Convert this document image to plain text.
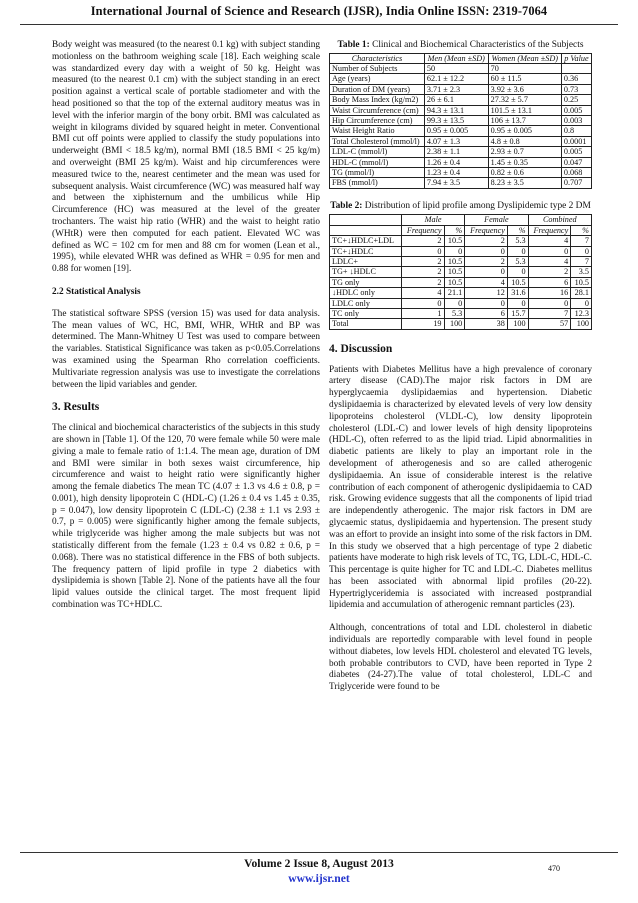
International Journal of Science and Research (IJSR), India Online ISSN: 2319-7064

Body weight was measured (to the nearest 0.1 kg) with subject standing motionless on the bathroom weighing scale [18]. Each weighing scale was standardized every day with a weight of 50 kg. Height was measured (to the nearest 0.1 cm) with the subject standing in an erect position against a vertical scale of portable stadiometer and with the head positioned so that the top of the external auditory meatus was in level with the inferior margin of the bony orbit. BMI was calculated as weight in kilograms divided by squared height in meter. Conventional BMI cut off points were applied to classify the study populations into underweight (BMI < 18.5 kg/m), normal BMI (18.5 BMI < 25 kg/m) and overweight (BMI 25 kg/m). Waist and hip circumferences were measured twice to the, nearest centimeter and the mean was used for subsequent analysis. Waist circumference (WC) was measured half way and between the xiphisternum and the umbilicus while Hip Circumference (HC) was measured at the level of the greater trochanters. The waist hip ratio (WHR) and the waist to height ratio (WHtR) were then computed for each patient. Elevated WC was defined as WC = 102 cm for men and 88 cm for women (Lean et al., 1995), while elevated WHR was defined as WHR = 0.95 for men and 0.88 for women [19].

2.2 Statistical Analysis

The statistical software SPSS (version 15) was used for data analysis. The mean values of WC, HC, BMI, WHR, WHtR and BP was determined. The Mann-Whitney U Test was used to compare between the variables. Statistical Significance was taken as p<0.05.Correlations was examined using the Spearman Rho correlation coefficients. Multivariate regression analysis was use to investigate the correlations between the lipid variables and gender.

3. Results

The clinical and biochemical characteristics of the subjects in this study are shown in [Table 1]. Of the 120, 70 were female while 50 were male giving a male to female ratio of 1:1.4. The mean age, duration of DM and BMI were similar in both sexes waist circumference, hip circumference and waist to height ratio were significantly higher among the female diabetics The mean TC (4.07 ± 1.3 vs 4.6 ± 0.8, p = 0.001), high density lipoprotein C (HDL-C) (1.26 ± 0.4 vs 1.45 ± 0.35, p = 0.047), low density lipoprotein C (LDL-C) (2.38 ± 1.1 vs 2.93 ± 0.7, p = 0.005) were significantly higher among the female subjects, while triglyceride was higher among the male subjects but was not statistically different from the female (1.23 ± 0.4 vs 0.82 ± 0.6, p = 0.068). There was no statistical difference in the FBS of both subjects. The frequency pattern of lipid profile in type 2 diabetics with dyslipidemia is shown [Table 2]. None of the patients have all the four lipid values outside the clinical target. The most frequent lipid combination was TC+HDLC.

Table 1: Clinical and Biochemical Characteristics of the Subjects
Characteristics	Men (Mean ±SD)	Women (Mean ±SD)	p Value
Number of Subjects	50	70	
Age (years)	62.1 ± 12.2	60 ± 11.5	0.36
Duration of DM (years)	3.71 ± 2.3	3.92 ± 3.6	0.73
Body Mass Index (kg/m2)	26 ± 6.1	27.32 ± 5.7	0.25
Waist Circumference (cm)	94.3 ± 13.1	101.5 ± 13.1	0.005
Hip Circumference (cm)	99.3 ± 13.5	106 ± 13.7	0.003
Waist Height Ratio	0.95 ± 0.005	0.95 ± 0.005	0.8
Total Cholesterol (mmol/l)	4.07 ± 1.3	4.8 ± 0.8	0.0001
LDL-C (mmol/l)	2.38 ± 1.1	2.93 ± 0.7	0.005
HDL-C (mmol/l)	1.26 ± 0.4	1.45 ± 0.35	0.047
TG (mmol/l)	1.23 ± 0.4	0.82 ± 0.6	0.068
FBS (mmol/l)	7.94 ± 3.5	8.23 ± 3.5	0.707
Table 2: Distribution of lipid profile among Dyslipidemic type 2 DM
	Male		Female		Combined	
	Frequency	%	Frequency	%	Frequency	%
TC+↓HDLC+LDL	2	10.5	2	5.3	4	7
TC+↓HDLC	0	0	0	0	0	0
LDLC+	2	10.5	2	5.3	4	7
TG+ ↓HDLC	2	10.5	0	0	2	3.5
TG only	2	10.5	4	10.5	6	10.5
↓HDLC only	4	21.1	12	31.6	16	28.1
LDLC only	0	0	0	0	0	0
TC only	1	5.3	6	15.7	7	12.3
Total	19	100	38	100	57	100
4. Discussion

Patients with Diabetes Mellitus have a high prevalence of coronary artery disease (CAD).The major risk factors in DM are hyperglycaemia dyslipidaemias and hypertension. Diabetic dyslipidaemia is characterized by elevated levels of very low density lipoproteins cholesterol (VLDL-C), low density lipoprotein cholesterol (LDL-C) and lower levels of high density lipoproteins (HDL-C), often referred to as the lipid triad. Lipid abnormalities in diabetic patients are likely to play an important role in the development of atherogenesis and so are called atherogenic dyslipidaemia. An issue of considerable interest is the relative contribution of each component of atherogenic dyslipidaemia to CAD risk. Growing evidence suggests that all the components of lipid triad are independently atherogenic. The major risk factors in DM are glycaemic status, dyslipidaemia and hypertension. The present study was an effort to provide an insight into some of the risk factors in DM. In this study we observed that a high percentage of type 2 diabetic patients have moderate to high risk levels of TC, TG, LDL-C, HDL-C. This percentage is quite higher for TC and LDL-C. Diabetes mellitus has been associated with abnormal lipid profiles (20-22). Hypertriglyceridemia is associated with increased postprandial lipidemia and accumulation of atherogenic remnant particles (23).

Although, concentrations of total and LDL cholesterol in diabetic individuals are reportedly comparable with level found in people without diabetes, low levels HDL cholesterol and elevated TG levels, both probable contributors to CVD, have been reported in Type 2 diabetes (24-27).The value of total cholesterol, LDL-C and Triglyceride were found to be

Volume 2 Issue 8, August 2013
www.ijsr.net
470
